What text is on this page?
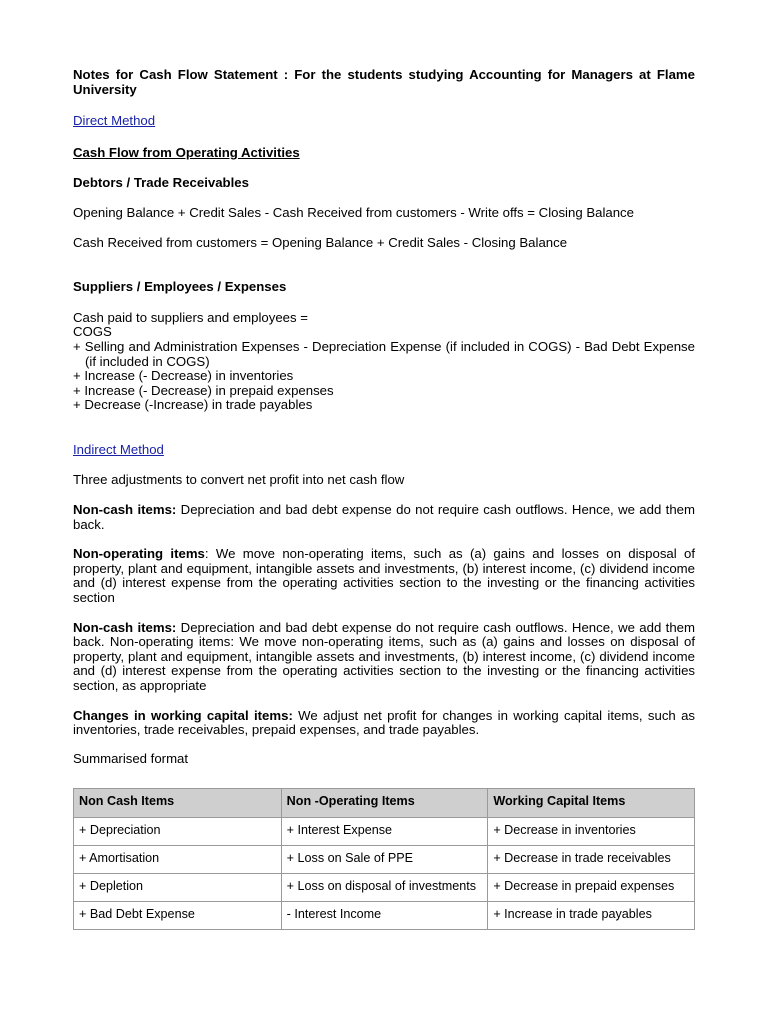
Notes for Cash Flow Statement : For the students studying Accounting for Managers at Flame University

Direct Method

Cash Flow from Operating Activities

Debtors / Trade Receivables

Opening Balance + Credit Sales - Cash Received from customers - Write offs = Closing Balance

Cash Received from customers = Opening Balance + Credit Sales - Closing Balance

Suppliers / Employees / Expenses

Cash paid to suppliers and employees =

COGS

+ Selling and Administration Expenses - Depreciation Expense (if included in COGS) - Bad Debt Expense (if included in COGS)

+ Increase (- Decrease) in inventories

+ Increase (- Decrease) in prepaid expenses

+ Decrease (-Increase) in trade payables

Indirect Method

Three adjustments to convert net profit into net cash flow

Non-cash items: Depreciation and bad debt expense do not require cash outflows. Hence, we add them back.

Non-operating items: We move non-operating items, such as (a) gains and losses on disposal of property, plant and equipment, intangible assets and investments, (b) interest income, (c) dividend income and (d) interest expense from the operating activities section to the investing or the financing activities section

Non-cash items: Depreciation and bad debt expense do not require cash outflows. Hence, we add them back. Non-operating items: We move non-operating items, such as (a) gains and losses on disposal of property, plant and equipment, intangible assets and investments, (b) interest income, (c) dividend income and (d) interest expense from the operating activities section to the investing or the financing activities section, as appropriate

Changes in working capital items: We adjust net profit for changes in working capital items, such as inventories, trade receivables, prepaid expenses, and trade payables.

Summarised format

Non Cash Items	Non -Operating Items	Working Capital Items
+ Depreciation	+ Interest Expense	+ Decrease in inventories
+ Amortisation	+ Loss on Sale of PPE	+ Decrease in trade receivables
+ Depletion	+ Loss on disposal of investments	+ Decrease in prepaid expenses
+ Bad Debt Expense	- Interest Income	+ Increase in trade payables
